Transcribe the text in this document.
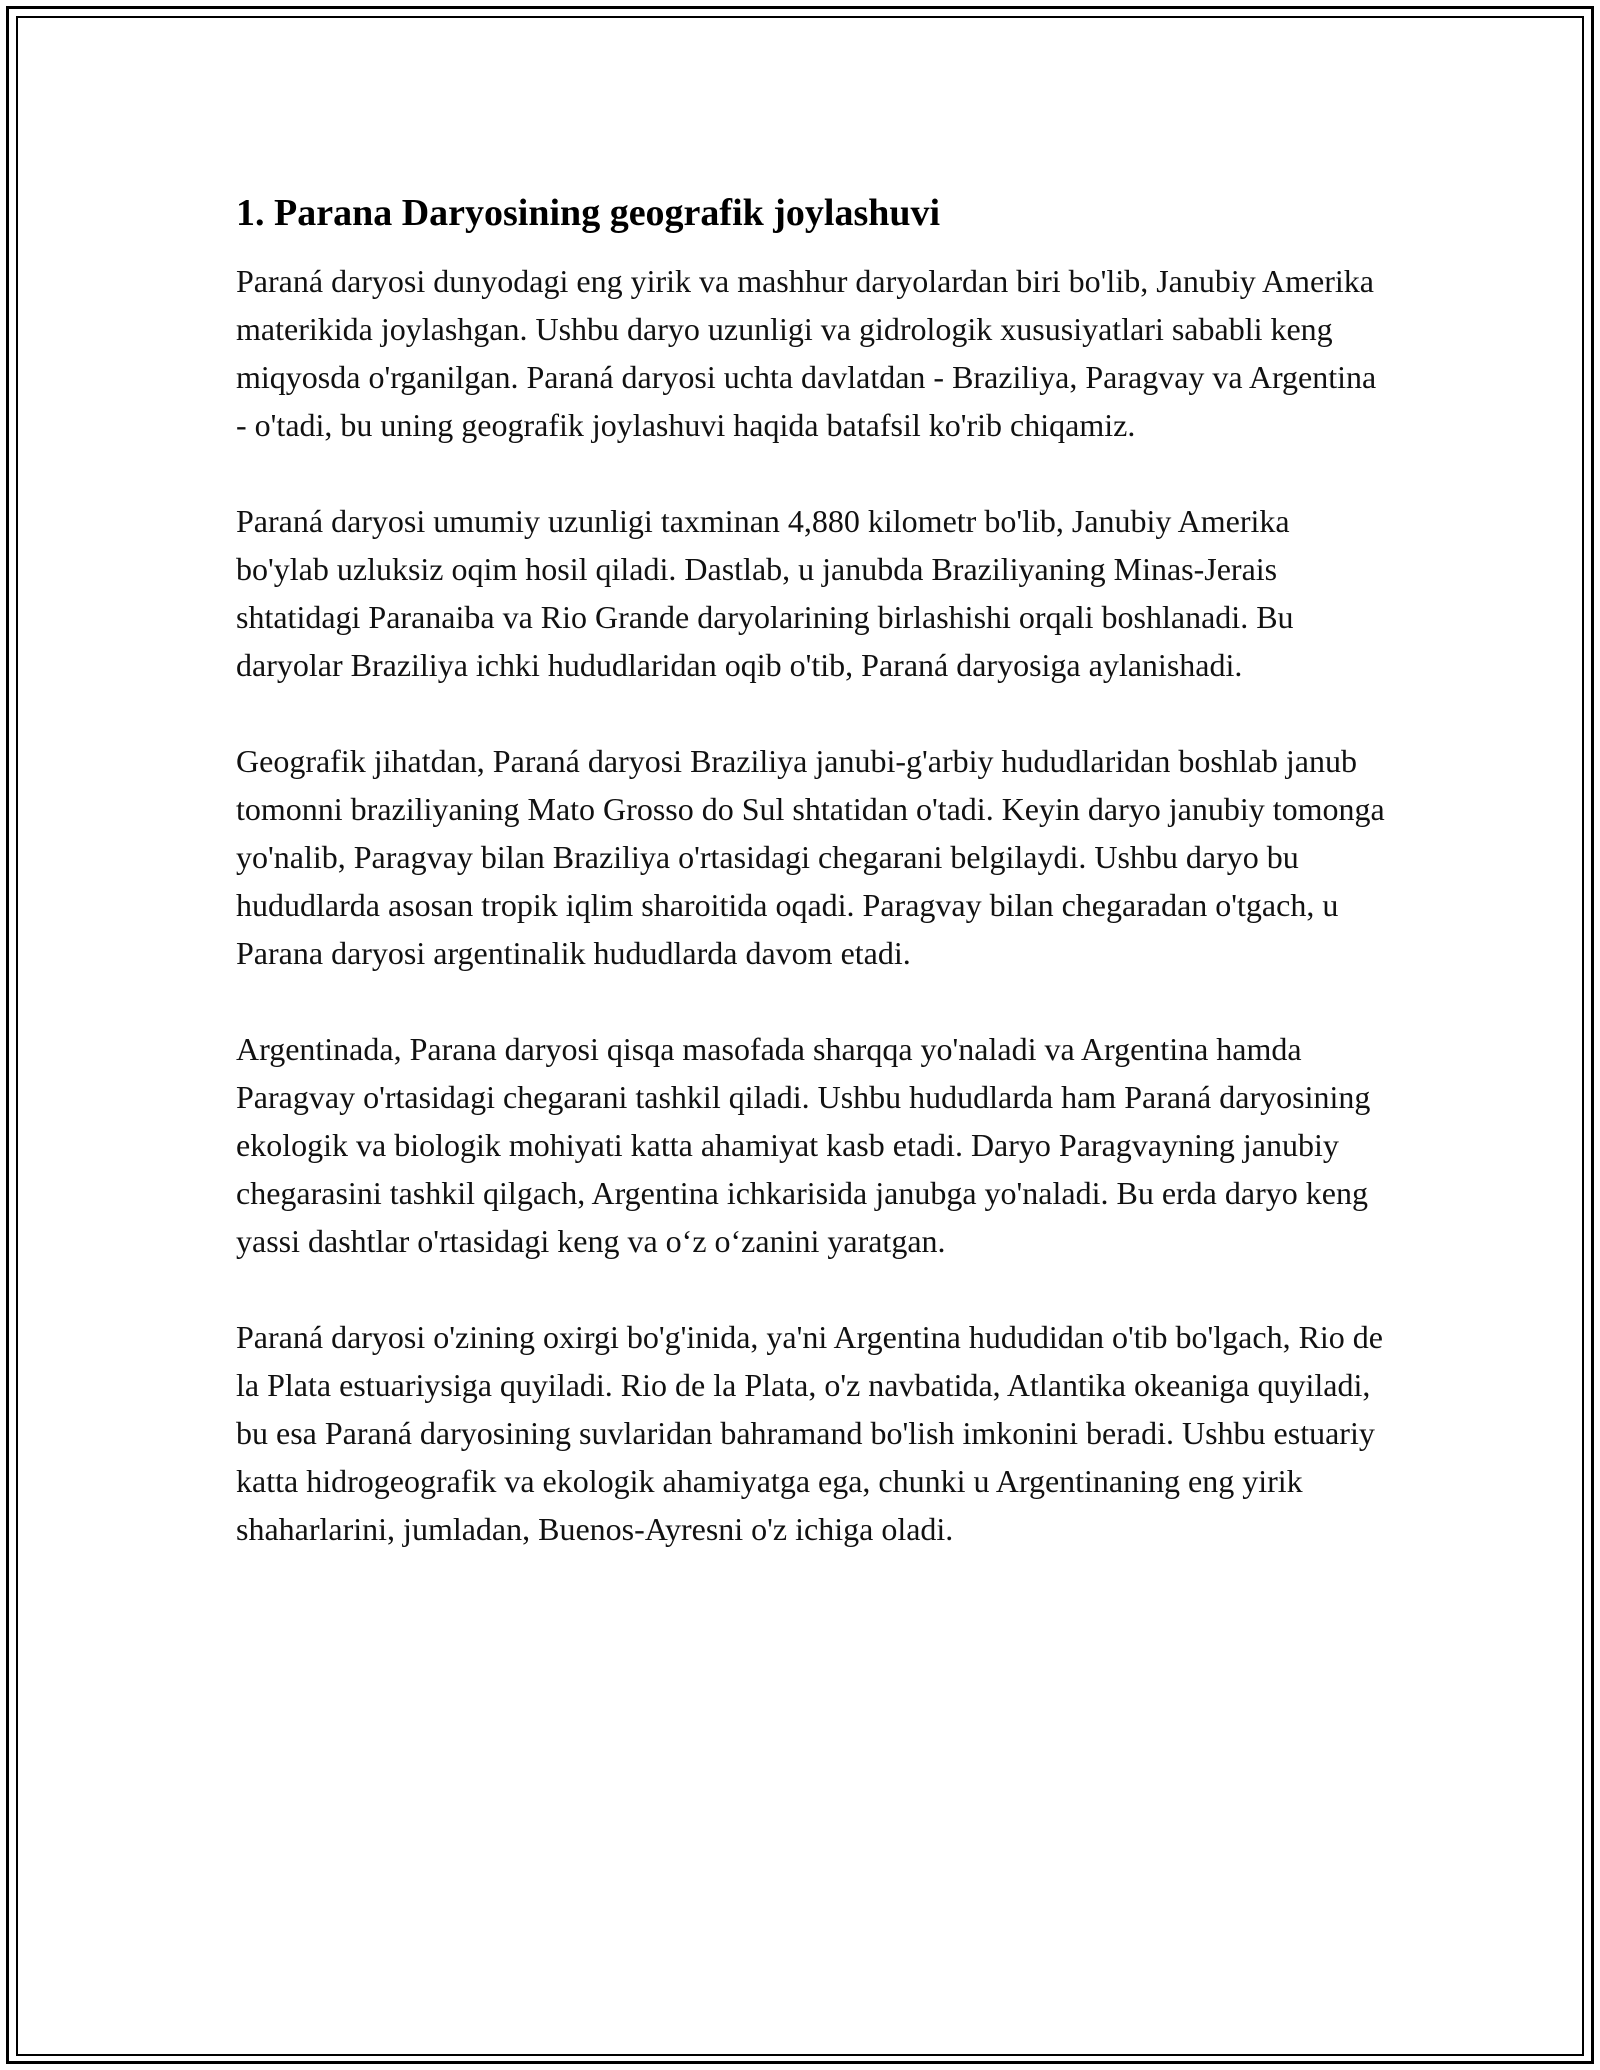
1. Parana Daryosining geografik joylashuvi

Paraná daryosi dunyodagi eng yirik va mashhur daryolardan biri bo'lib, Janubiy Amerika materikida joylashgan. Ushbu daryo uzunligi va gidrologik xususiyatlari sababli keng miqyosda o'rganilgan. Paraná daryosi uchta davlatdan - Braziliya, Paragvay va Argentina - o'tadi, bu uning geografik joylashuvi haqida batafsil ko'rib chiqamiz.

Paraná daryosi umumiy uzunligi taxminan 4,880 kilometr bo'lib, Janubiy Amerika bo'ylab uzluksiz oqim hosil qiladi. Dastlab, u janubda Braziliyaning Minas-Jerais shtatidagi Paranaiba va Rio Grande daryolarining birlashishi orqali boshlanadi. Bu daryolar Braziliya ichki hududlaridan oqib o'tib, Paraná daryosiga aylanishadi.

Geografik jihatdan, Paraná daryosi Braziliya janubi-g'arbiy hududlaridan boshlab janub tomonni braziliyaning Mato Grosso do Sul shtatidan o'tadi. Keyin daryo janubiy tomonga yo'nalib, Paragvay bilan Braziliya o'rtasidagi chegarani belgilaydi. Ushbu daryo bu hududlarda asosan tropik iqlim sharoitida oqadi. Paragvay bilan chegaradan o'tgach, u Parana daryosi argentinalik hududlarda davom etadi.

Argentinada, Parana daryosi qisqa masofada sharqqa yo'naladi va Argentina hamda Paragvay o'rtasidagi chegarani tashkil qiladi. Ushbu hududlarda ham Paraná daryosining ekologik va biologik mohiyati katta ahamiyat kasb etadi. Daryo Paragvayning janubiy chegarasini tashkil qilgach, Argentina ichkarisida janubga yo'naladi. Bu erda daryo keng yassi dashtlar o'rtasidagi keng va o‘z o‘zanini yaratgan.

Paraná daryosi o'zining oxirgi bo'g'inida, ya'ni Argentina hududidan o'tib bo'lgach, Rio de la Plata estuariysiga quyiladi. Rio de la Plata, o'z navbatida, Atlantika okeaniga quyiladi, bu esa Paraná daryosining suvlaridan bahramand bo'lish imkonini beradi. Ushbu estuariy katta hidrogeografik va ekologik ahamiyatga ega, chunki u Argentinaning eng yirik shaharlarini, jumladan, Buenos-Ayresni o'z ichiga oladi.
